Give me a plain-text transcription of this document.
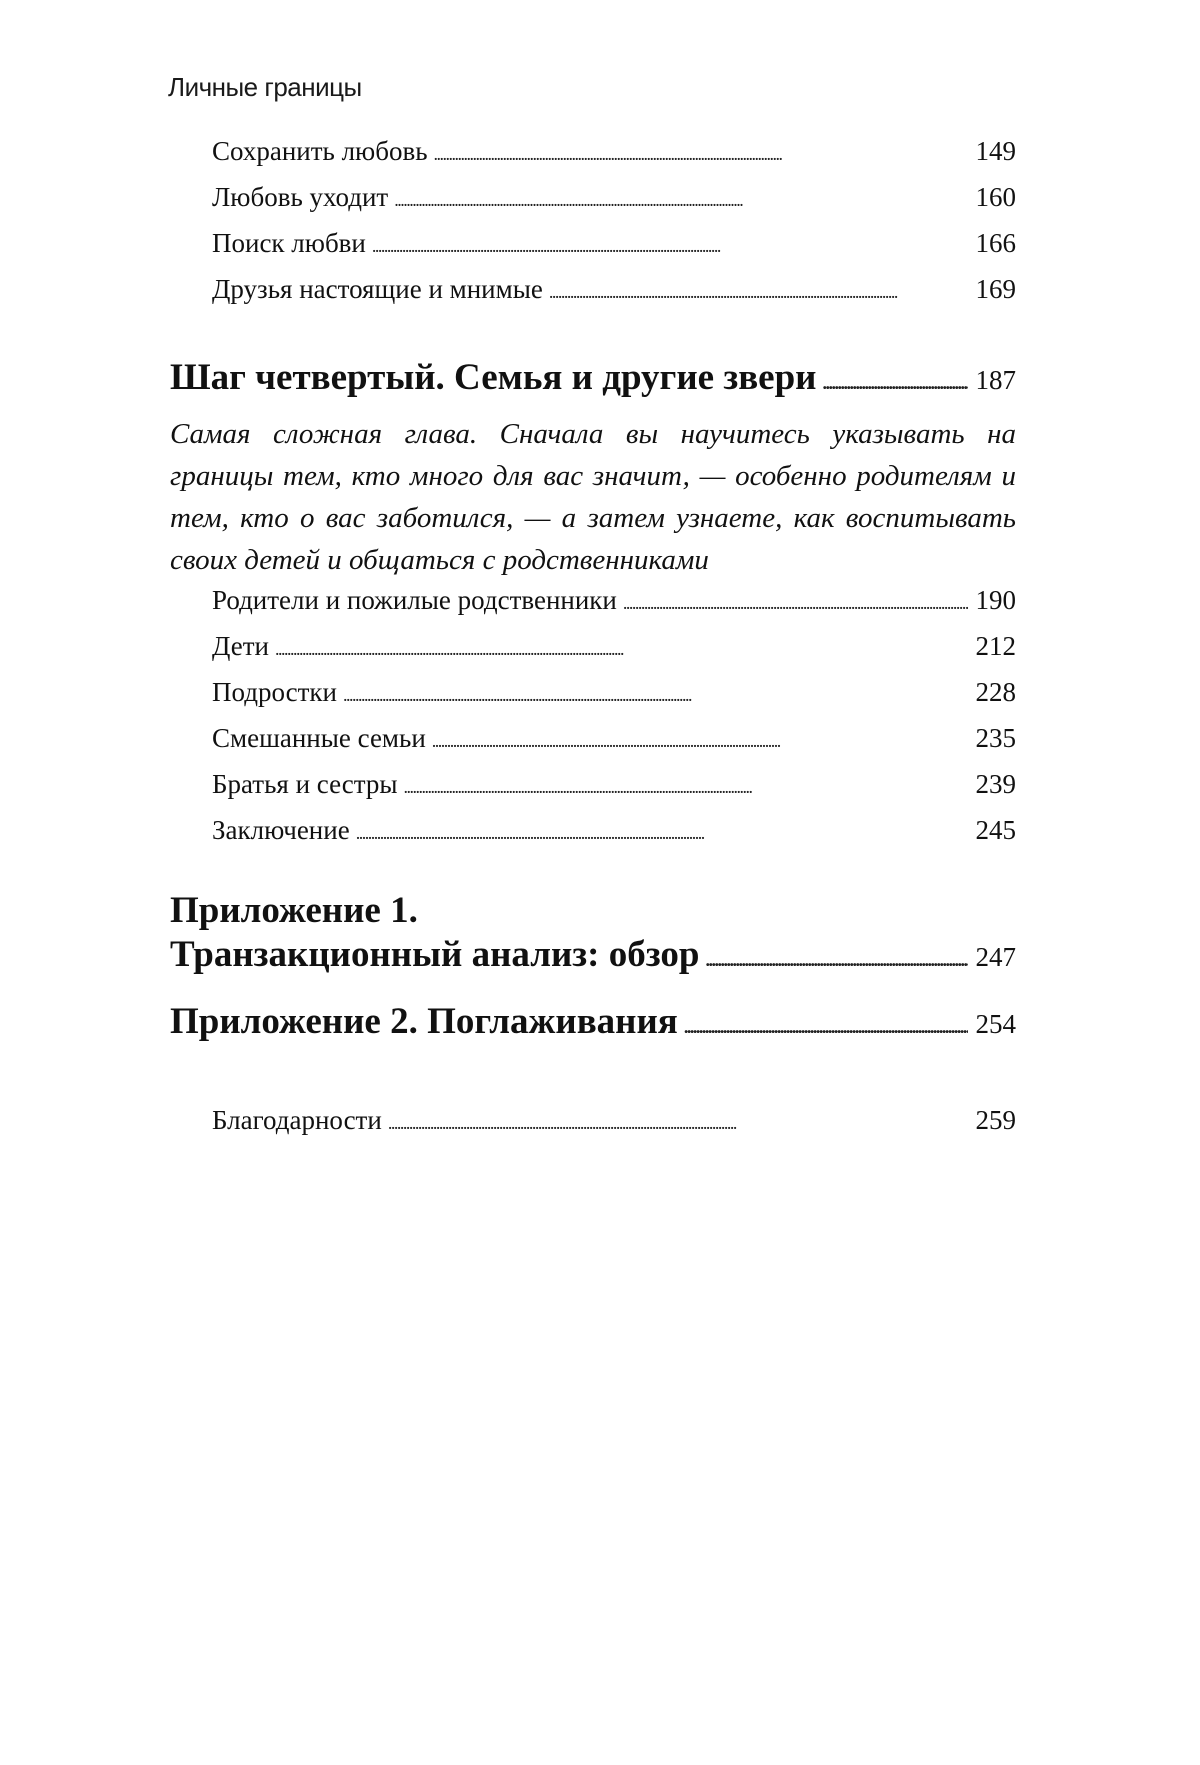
Личные границы
Сохранить любовь . . .	149
Любовь уходит . . .	160
Поиск любви . . .	166
Друзья настоящие и мнимые . . .	169
Шаг четвертый. Семья и другие звери . . .	187
Самая сложная глава. Сначала вы научитесь указывать на границы тем, кто много для вас значит, — особенно родителям и тем, кто о вас заботился, — а затем узнаете, как воспитывать своих детей и общаться с родственниками
Родители и пожилые родственники . . .	190
Дети . . .	212
Подростки . . .	228
Смешанные семьи . . .	235
Братья и сестры . . .	239
Заключение . . .	245
Приложение 1.
Транзакционный анализ: обзор . . .	247
Приложение 2. Поглаживания . . .	254
Благодарности . . .	259
